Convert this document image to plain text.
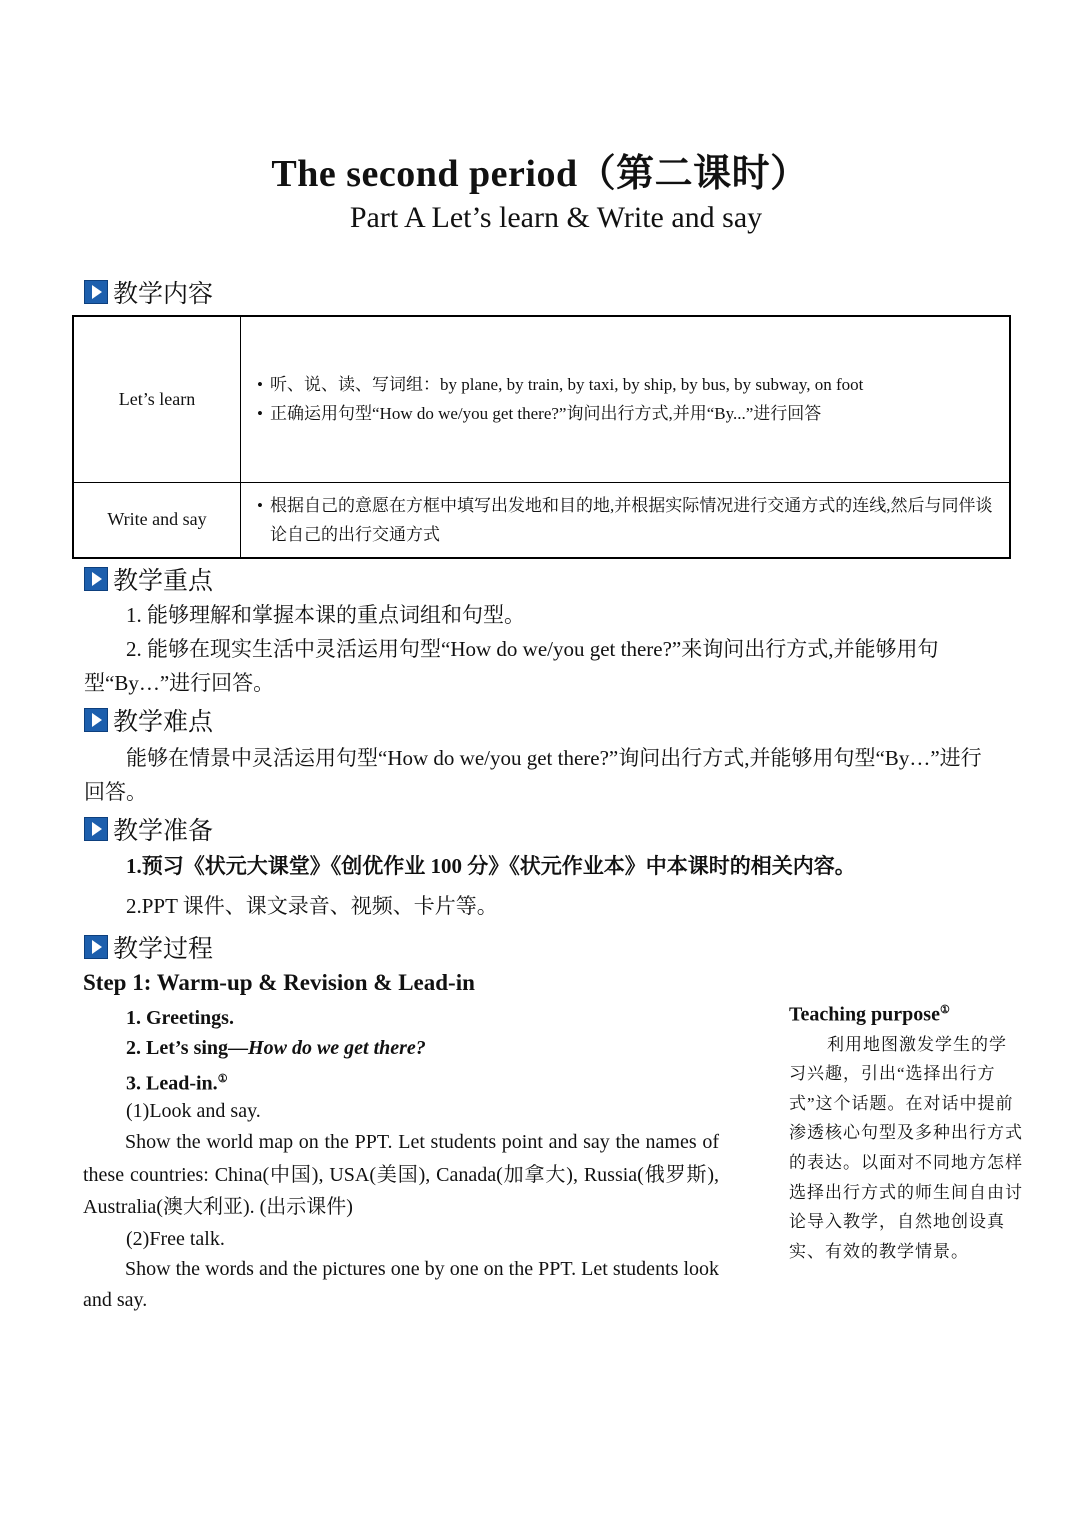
The second period（第二课时）
Part A Let’s learn & Write and say
教学内容
Let’s learn	• 听、说、读、写词组：by plane, by train, by taxi, by ship, by bus, by subway, on foot
• 正确运用句型“How do we/you get there?”询问出行方式,并用“By...”进行回答

Write and say	• 根据自己的意愿在方框中填写出发地和目的地,并根据实际情况进行交通方式的连线,然后与同伴谈论自己的出行交通方式
教学重点
1. 能够理解和掌握本课的重点词组和句型。
2. 能够在现实生活中灵活运用句型“How do we/you get there?”来询问出行方式,并能够用句型“By…”进行回答。
教学难点
能够在情景中灵活运用句型“How do we/you get there?”询问出行方式,并能够用句型“By…”进行回答。
教学准备
1.预习《状元大课堂》《创优作业 100 分》《状元作业本》中本课时的相关内容。
2.PPT 课件、课文录音、视频、卡片等。
教学过程
Step 1: Warm-up & Revision & Lead-in
1. Greetings.
2. Let’s sing—How do we get there?
3. Lead-in.①
(1)Look and say.
Show the world map on the PPT. Let students point and say the names of these countries: China(中国), USA(美国), Canada(加拿大), Russia(俄罗斯), Australia(澳大利亚). (出示课件)
(2)Free talk.
Show the words and the pictures one by one on the PPT. Let students look and say.
Teaching purpose①
利用地图激发学生的学习兴趣，引出“选择出行方式”这个话题。在对话中提前渗透核心句型及多种出行方式的表达。以面对不同地方怎样选择出行方式的师生间自由讨论导入教学，自然地创设真实、有效的教学情景。
